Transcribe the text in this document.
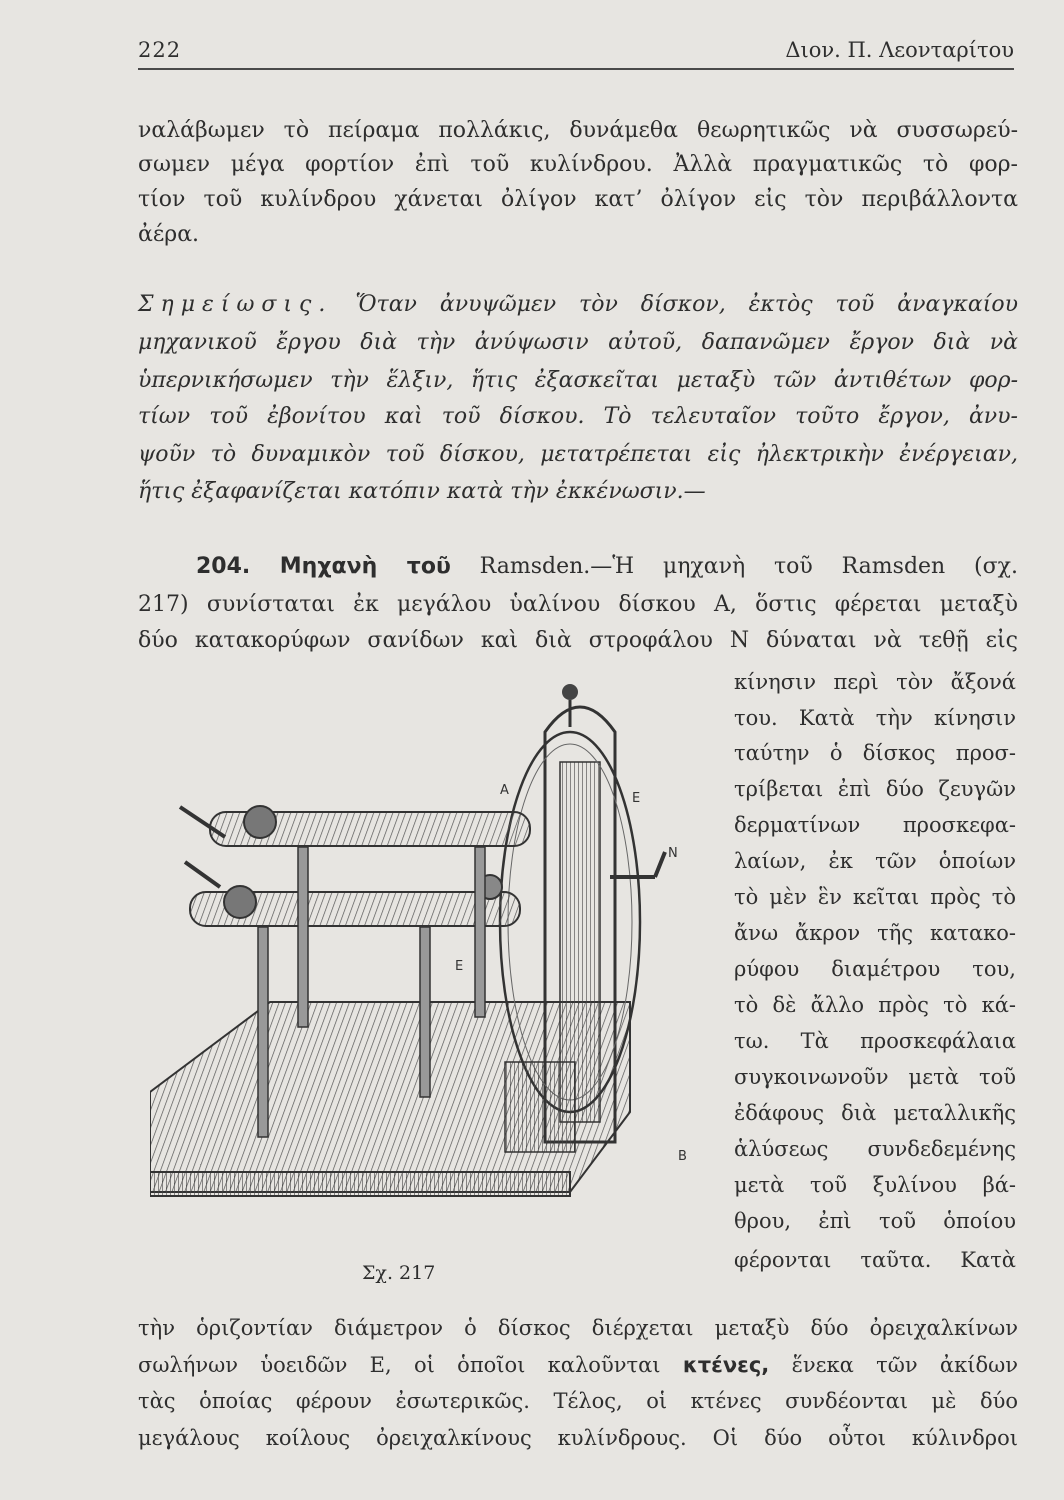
222	Διον. Π. Λεονταρίτου
ναλάβωμεν τὸ πείραμα πολλάκις, δυνάμεθα θεωρητικῶς νὰ συσσωρεύ-
σωμεν μέγα φορτίον ἐπὶ τοῦ κυλίνδρου. Ἀλλὰ πραγματικῶς τὸ φορ-
τίον τοῦ κυλίνδρου χάνεται ὀλίγον κατ’ ὀλίγον εἰς τὸν περιβάλλοντα
ἀέρα.
Σημείωσις. Ὅταν ἀνυψῶμεν τὸν δίσκον, ἐκτὸς τοῦ ἀναγκαίου
μηχανικοῦ ἔργου διὰ τὴν ἀνύψωσιν αὐτοῦ, δαπανῶμεν ἔργον διὰ νὰ
ὑπερνικήσωμεν τὴν ἕλξιν, ἥτις ἐξασκεῖται μεταξὺ τῶν ἀντιθέτων φορ-
τίων τοῦ ἐβονίτου καὶ τοῦ δίσκου. Τὸ τελευταῖον τοῦτο ἔργον, ἀνυ-
ψοῦν τὸ δυναμικὸν τοῦ δίσκου, μετατρέπεται εἰς ἠλεκτρικὴν ἐνέργειαν,
ἥτις ἐξαφανίζεται κατόπιν κατὰ τὴν ἐκκένωσιν.—
204. Μηχανὴ τοῦ Ramsden.—Ἡ μηχανὴ τοῦ Ramsden (σχ.
217) συνίσταται ἐκ μεγάλου ὑαλίνου δίσκου Α, ὅστις φέρεται μεταξὺ
δύο κατακορύφων σανίδων καὶ διὰ στροφάλου Ν δύναται νὰ τεθῇ εἰς
κίνησιν περὶ τὸν ἄξονά
του. Κατὰ τὴν κίνησιν
ταύτην ὁ δίσκος προσ-
τρίβεται ἐπὶ δύο ζευγῶν
δερματίνων προσκεφα-
λαίων, ἐκ τῶν ὁποίων
τὸ μὲν ἓν κεῖται πρὸς τὸ
ἄνω ἄκρον τῆς κατακο-
ρύφου διαμέτρου του,
τὸ δὲ ἄλλο πρὸς τὸ κά-
τω. Τὰ προσκεφάλαια
συγκοινωνοῦν μετὰ τοῦ
ἐδάφους διὰ μεταλλικῆς
ἁλύσεως συνδεδεμένης
μετὰ τοῦ ξυλίνου βά-
θρου, ἐπὶ τοῦ ὁποίου
φέρονται ταῦτα. Κατὰ
A
E
N
E
B
Σχ. 217
τὴν ὁριζοντίαν διάμετρον ὁ δίσκος διέρχεται μεταξὺ δύο ὀρειχαλκίνων
σωλήνων ὑοειδῶν Ε, οἱ ὁποῖοι καλοῦνται κτένες, ἕνεκα τῶν ἀκίδων
τὰς ὁποίας φέρουν ἐσωτερικῶς. Τέλος, οἱ κτένες συνδέονται μὲ δύο
μεγάλους κοίλους ὀρειχαλκίνους κυλίνδρους. Οἱ δύο οὗτοι κύλινδροι
